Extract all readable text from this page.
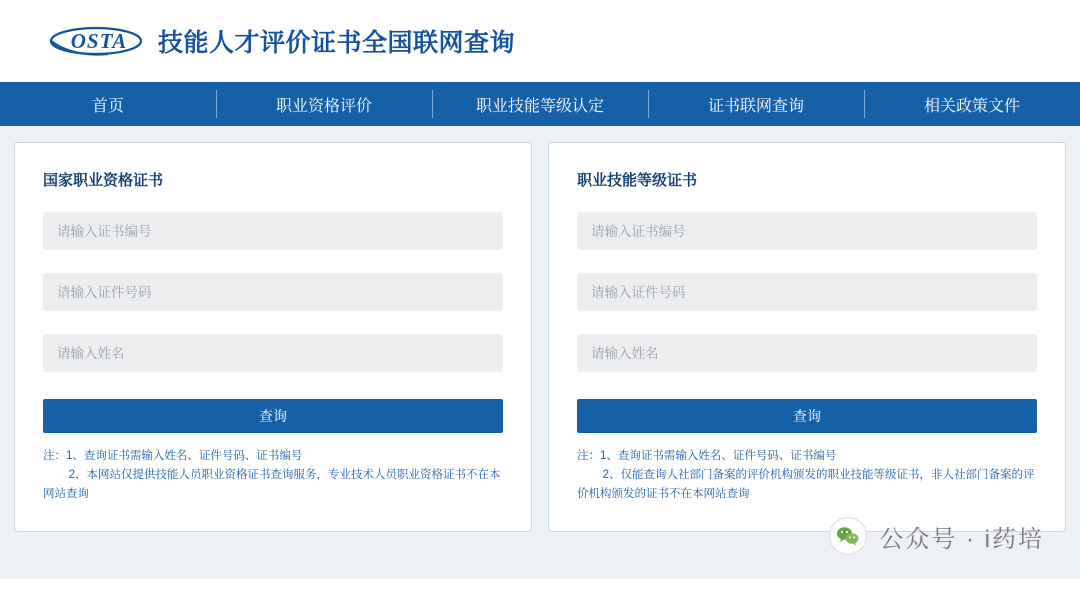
OSTA 技能人才评价证书全国联网查询
首页	职业资格评价	职业技能等级认定	证书联网查询	相关政策文件
国家职业资格证书
请输入证书编号 请输入证件号码 请输入姓名
查询
注：1、查询证书需输入姓名、证件号码、证书编号
2、本网站仅提供技能人员职业资格证书查询服务，专业技术人员职业资格证书不在本网站查询
职业技能等级证书
请输入证书编号 请输入证件号码 请输入姓名
查询
注：1、查询证书需输入姓名、证件号码、证书编号
2、仅能查询人社部门备案的评价机构颁发的职业技能等级证书，非人社部门备案的评价机构颁发的证书不在本网站查询
公众号 · i药培
